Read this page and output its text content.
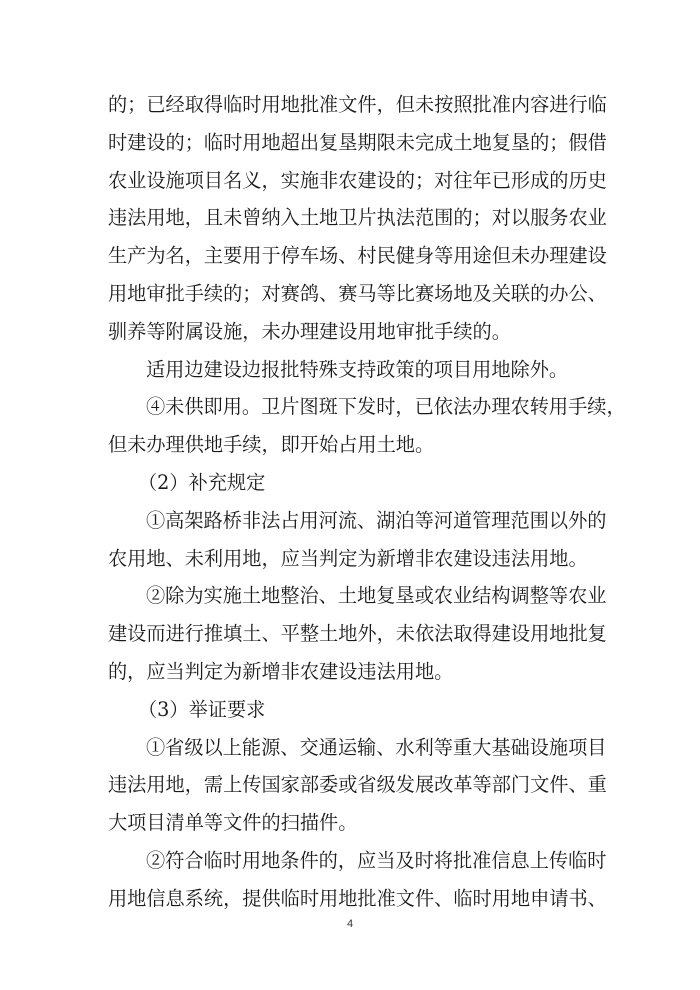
的；已经取得临时用地批准文件，但未按照批准内容进行临
时建设的；临时用地超出复垦期限未完成土地复垦的；假借
农业设施项目名义，实施非农建设的；对往年已形成的历史
违法用地，且未曾纳入土地卫片执法范围的；对以服务农业
生产为名，主要用于停车场、村民健身等用途但未办理建设
用地审批手续的；对赛鸽、赛马等比赛场地及关联的办公、
驯养等附属设施，未办理建设用地审批手续的。
适用边建设边报批特殊支持政策的项目用地除外。
④未供即用。卫片图斑下发时，已依法办理农转用手续，
但未办理供地手续，即开始占用土地。
（2）补充规定
①高架路桥非法占用河流、湖泊等河道管理范围以外的
农用地、未利用地，应当判定为新增非农建设违法用地。
②除为实施土地整治、土地复垦或农业结构调整等农业
建设而进行推填土、平整土地外，未依法取得建设用地批复
的，应当判定为新增非农建设违法用地。
（3）举证要求
①省级以上能源、交通运输、水利等重大基础设施项目
违法用地，需上传国家部委或省级发展改革等部门文件、重
大项目清单等文件的扫描件。
②符合临时用地条件的，应当及时将批准信息上传临时
用地信息系统，提供临时用地批准文件、临时用地申请书、
4
